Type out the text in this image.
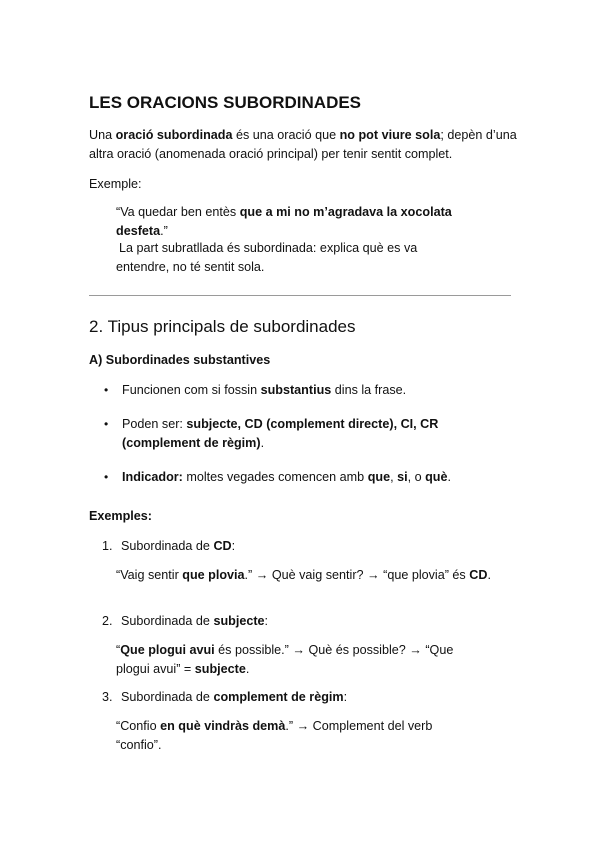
LES ORACIONS SUBORDINADES

Una oració subordinada és una oració que no pot viure sola; depèn d’una altra oració (anomenada oració principal) per tenir sentit complet.

Exemple:

“Va quedar ben entès que a mi no m’agradava la xocolata desfeta.”

La part subratllada és subordinada: explica què es va entendre, no té sentit sola.

2. Tipus principals de subordinades

A) Subordinades substantives

• Funcionen com si fossin substantius dins la frase.

• Poden ser: subjecte, CD (complement directe), CI, CR (complement de règim).

• Indicador: moltes vegades comencen amb que, si, o què.

Exemples:

1. Subordinada de CD:

“Vaig sentir que plovia.” → Què vaig sentir? → “que plovia” és CD.

2. Subordinada de subjecte:

“Que plogui avui és possible.” → Què és possible? → “Que plogui avui” = subjecte.

3. Subordinada de complement de règim:

“Confio en què vindràs demà.” → Complement del verb “confio”.
